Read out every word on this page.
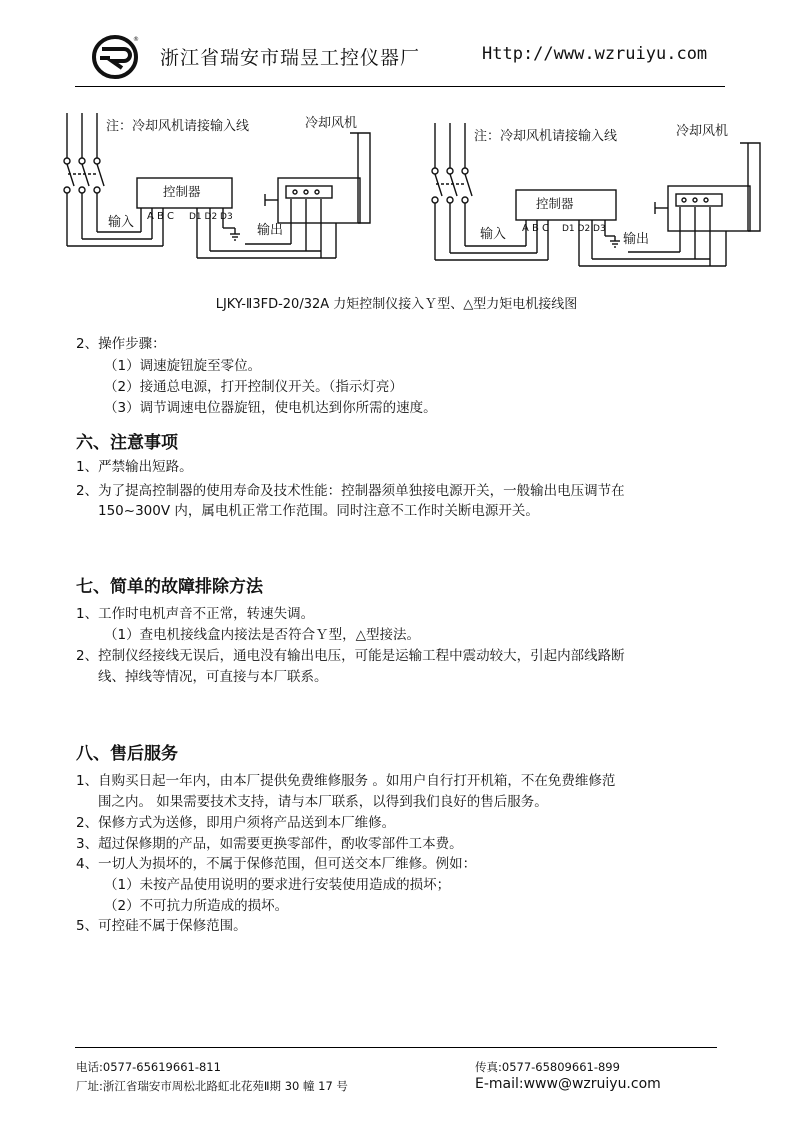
®
浙江省瑞安市瑞昱工控仪器厂	Http://www.wzruiyu.com
注：冷却风机请接输入线	冷却风机
控制器
A B C D1 D2 D3
输入
输出
注：冷却风机请接输入线	冷却风机
控制器
A B C D1 D2 D3
输入	输出
LJKY-Ⅱ3FD-20/32A 力矩控制仪接入Ｙ型、△型力矩电机接线图
2、操作步骤：
（1）调速旋钮旋至零位。
（2）接通总电源，打开控制仪开关。（指示灯亮）
（3）调节调速电位器旋钮，使电机达到你所需的速度。
六、注意事项
1、严禁输出短路。
2、为了提高控制器的使用寿命及技术性能：控制器须单独接电源开关，一般输出电压调节在
150~300V 内，属电机正常工作范围。同时注意不工作时关断电源开关。
七、简单的故障排除方法
1、工作时电机声音不正常，转速失调。
（1）查电机接线盒内接法是否符合Ｙ型，△型接法。
2、控制仪经接线无误后，通电没有输出电压，可能是运输工程中震动较大，引起内部线路断
线、掉线等情况，可直接与本厂联系。
八、售后服务
1、自购买日起一年内，由本厂提供免费维修服务 。如用户自行打开机箱，不在免费维修范
围之内。 如果需要技术支持，请与本厂联系，以得到我们良好的售后服务。
2、保修方式为送修，即用户须将产品送到本厂维修。
3、超过保修期的产品，如需要更换零部件，酌收零部件工本费。
4、一切人为损坏的，不属于保修范围，但可送交本厂维修。例如：
（1）未按产品使用说明的要求进行安装使用造成的损坏；
（2）不可抗力所造成的损坏。
5、可控硅不属于保修范围。
电话:0577-65619661-811
厂址:浙江省瑞安市周松北路虹北花苑Ⅱ期 30 幢 17 号
传真:0577-65809661-899
E-mail:www@wzruiyu.com
